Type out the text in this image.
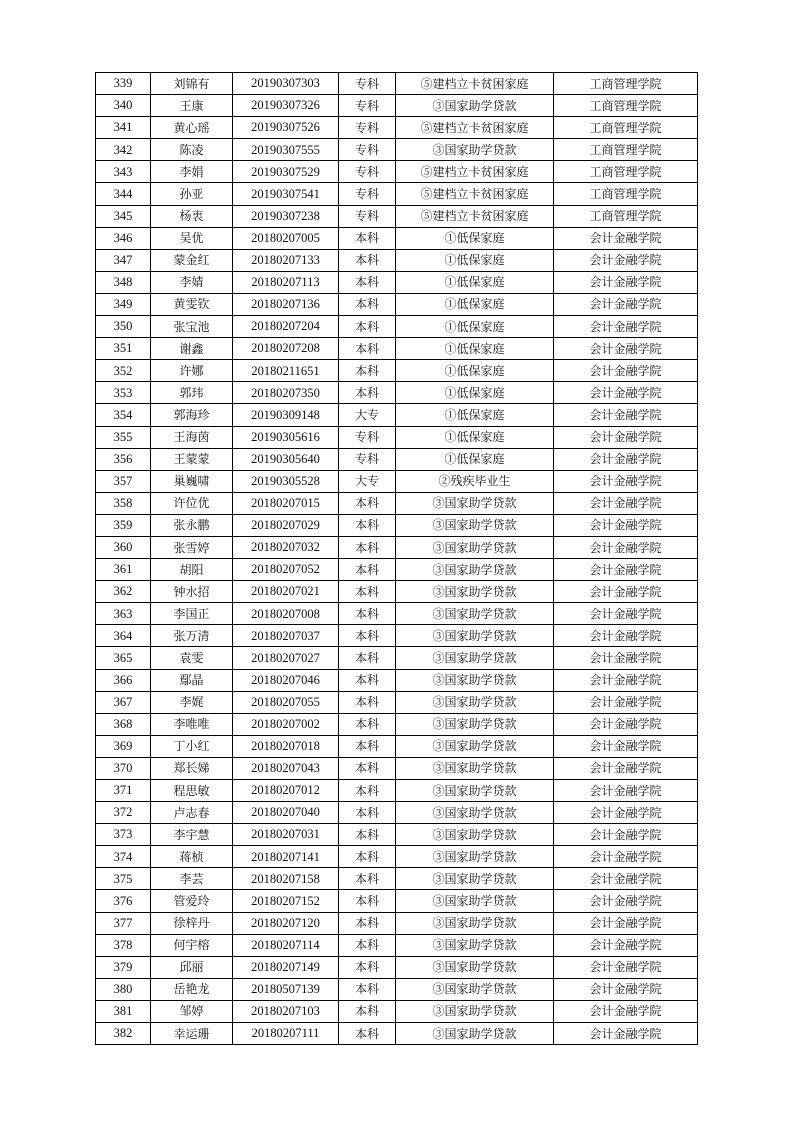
339	刘锦有	20190307303	专科	⑤建档立卡贫困家庭	工商管理学院
340	王康	20190307326	专科	③国家助学贷款	工商管理学院
341	黄心瑶	20190307526	专科	⑤建档立卡贫困家庭	工商管理学院
342	陈凌	20190307555	专科	③国家助学贷款	工商管理学院
343	李娟	20190307529	专科	⑤建档立卡贫困家庭	工商管理学院
344	孙亚	20190307541	专科	⑤建档立卡贫困家庭	工商管理学院
345	杨衷	20190307238	专科	⑤建档立卡贫困家庭	工商管理学院
346	吴优	20180207005	本科	①低保家庭	会计金融学院
347	蒙金红	20180207133	本科	①低保家庭	会计金融学院
348	李婧	20180207113	本科	①低保家庭	会计金融学院
349	黄雯钦	20180207136	本科	①低保家庭	会计金融学院
350	张宝池	20180207204	本科	①低保家庭	会计金融学院
351	谢鑫	20180207208	本科	①低保家庭	会计金融学院
352	许娜	20180211651	本科	①低保家庭	会计金融学院
353	郭玮	20180207350	本科	①低保家庭	会计金融学院
354	郭海珍	20190309148	大专	①低保家庭	会计金融学院
355	王海茵	20190305616	专科	①低保家庭	会计金融学院
356	王蒙蒙	20190305640	专科	①低保家庭	会计金融学院
357	巢巍啸	20190305528	大专	②残疾毕业生	会计金融学院
358	许位优	20180207015	本科	③国家助学贷款	会计金融学院
359	张永鹏	20180207029	本科	③国家助学贷款	会计金融学院
360	张雪婷	20180207032	本科	③国家助学贷款	会计金融学院
361	胡阳	20180207052	本科	③国家助学贷款	会计金融学院
362	钟水招	20180207021	本科	③国家助学贷款	会计金融学院
363	李国正	20180207008	本科	③国家助学贷款	会计金融学院
364	张万清	20180207037	本科	③国家助学贷款	会计金融学院
365	袁雯	20180207027	本科	③国家助学贷款	会计金融学院
366	鄢晶	20180207046	本科	③国家助学贷款	会计金融学院
367	李娓	20180207055	本科	③国家助学贷款	会计金融学院
368	李唯唯	20180207002	本科	③国家助学贷款	会计金融学院
369	丁小红	20180207018	本科	③国家助学贷款	会计金融学院
370	郑长娣	20180207043	本科	③国家助学贷款	会计金融学院
371	程思敏	20180207012	本科	③国家助学贷款	会计金融学院
372	卢志春	20180207040	本科	③国家助学贷款	会计金融学院
373	李宇慧	20180207031	本科	③国家助学贷款	会计金融学院
374	蒋桢	20180207141	本科	③国家助学贷款	会计金融学院
375	李芸	20180207158	本科	③国家助学贷款	会计金融学院
376	管爱玲	20180207152	本科	③国家助学贷款	会计金融学院
377	徐梓丹	20180207120	本科	③国家助学贷款	会计金融学院
378	何宇榕	20180207114	本科	③国家助学贷款	会计金融学院
379	邱丽	20180207149	本科	③国家助学贷款	会计金融学院
380	岳艳龙	20180507139	本科	③国家助学贷款	会计金融学院
381	邹婷	20180207103	本科	③国家助学贷款	会计金融学院
382	幸运珊	20180207111	本科	③国家助学贷款	会计金融学院
